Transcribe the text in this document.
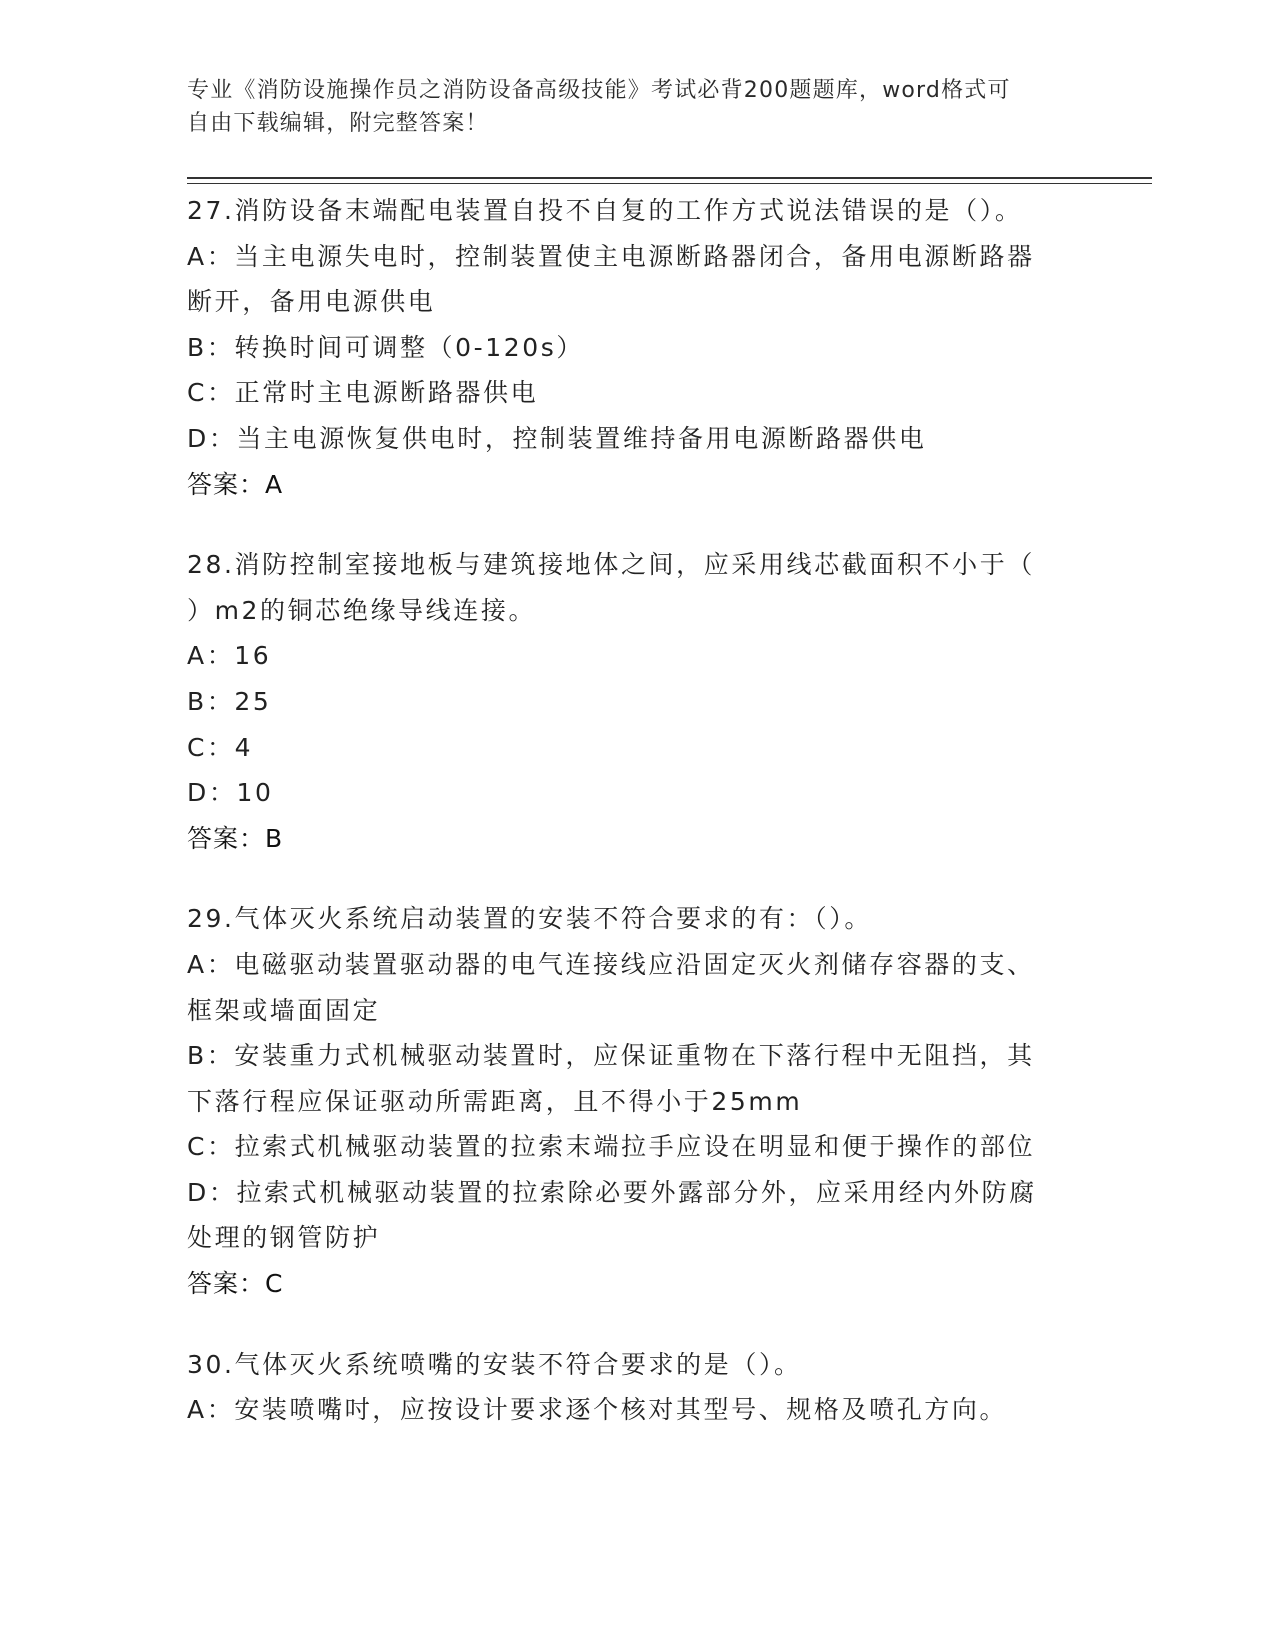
专业《消防设施操作员之消防设备高级技能》考试必背200题题库，word格式可
自由下载编辑，附完整答案！
27.消防设备末端配电装置自投不自复的工作方式说法错误的是（）。
A：当主电源失电时，控制装置使主电源断路器闭合，备用电源断路器
断开，备用电源供电
B：转换时间可调整（0-120s）
C：正常时主电源断路器供电
D：当主电源恢复供电时，控制装置维持备用电源断路器供电
答案：A
28.消防控制室接地板与建筑接地体之间，应采用线芯截面积不小于（
）m2的铜芯绝缘导线连接。
A：16
B：25
C：4
D：10
答案：B
29.气体灭火系统启动装置的安装不符合要求的有：（）。
A：电磁驱动装置驱动器的电气连接线应沿固定灭火剂储存容器的支、
框架或墙面固定
B：安装重力式机械驱动装置时，应保证重物在下落行程中无阻挡，其
下落行程应保证驱动所需距离，且不得小于25mm
C：拉索式机械驱动装置的拉索末端拉手应设在明显和便于操作的部位
D：拉索式机械驱动装置的拉索除必要外露部分外，应采用经内外防腐
处理的钢管防护
答案：C
30.气体灭火系统喷嘴的安装不符合要求的是（）。
A：安装喷嘴吋，应按设计要求逐个核对其型号、规格及喷孔方向。
